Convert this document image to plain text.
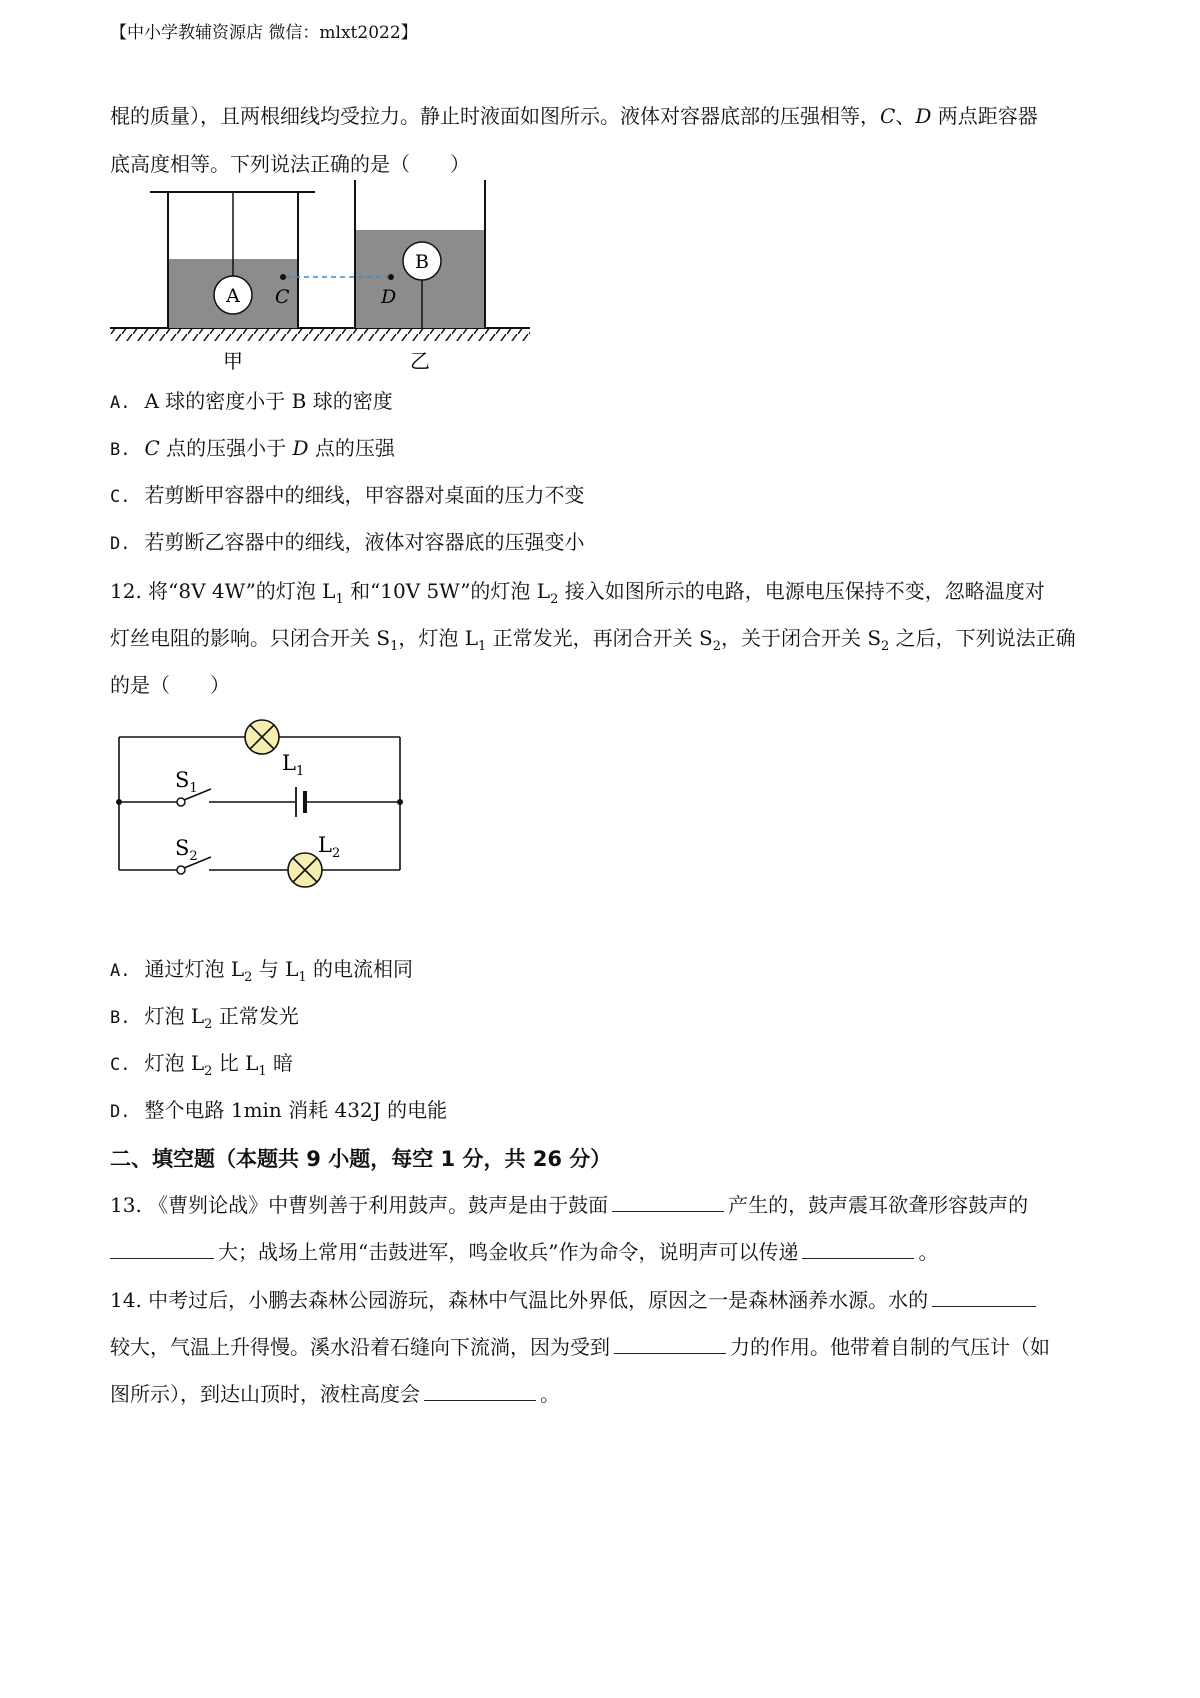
【中小学教辅资源店 微信：mlxt2022】
棍的质量），且两根细线均受拉力。静止时液面如图所示。液体对容器底部的压强相等，C、D 两点距容器
底高度相等。下列说法正确的是（　　）
A C
B
D
甲	乙
A. A 球的密度小于 B 球的密度
B. C 点的压强小于 D 点的压强
C. 若剪断甲容器中的细线，甲容器对桌面的压力不变
D. 若剪断乙容器中的细线，液体对容器底的压强变小
12. 将“8V 4W”的灯泡 $L_1$ 和“10V 5W”的灯泡 $L_2$ 接入如图所示的电路，电源电压保持不变，忽略温度对
灯丝电阻的影响。只闭合开关 $S_1$，灯泡 $L_1$ 正常发光，再闭合开关 $S_2$，关于闭合开关 $S_2$ 之后，下列说法正确
的是（　　）
$L_1$
$S_1$
$S_2$	$L_2$
A. 通过灯泡 $L_2$ 与 $L_1$ 的电流相同
B. 灯泡 $L_2$ 正常发光
C. 灯泡 $L_2$ 比 $L_1$ 暗
D. 整个电路 1min 消耗 432J 的电能
二、填空题（本题共 9 小题，每空 1 分，共 26 分）
13. 《曹刿论战》中曹刿善于利用鼓声。鼓声是由于鼓面	产生的，鼓声震耳欲聋形容鼓声的
大；战场上常用“击鼓进军，鸣金收兵”作为命令，说明声可以传递	。
14. 中考过后，小鹏去森林公园游玩，森林中气温比外界低，原因之一是森林涵养水源。水的
较大，气温上升得慢。溪水沿着石缝向下流淌，因为受到	力的作用。他带着自制的气压计（如
图所示），到达山顶时，液柱高度会	。
